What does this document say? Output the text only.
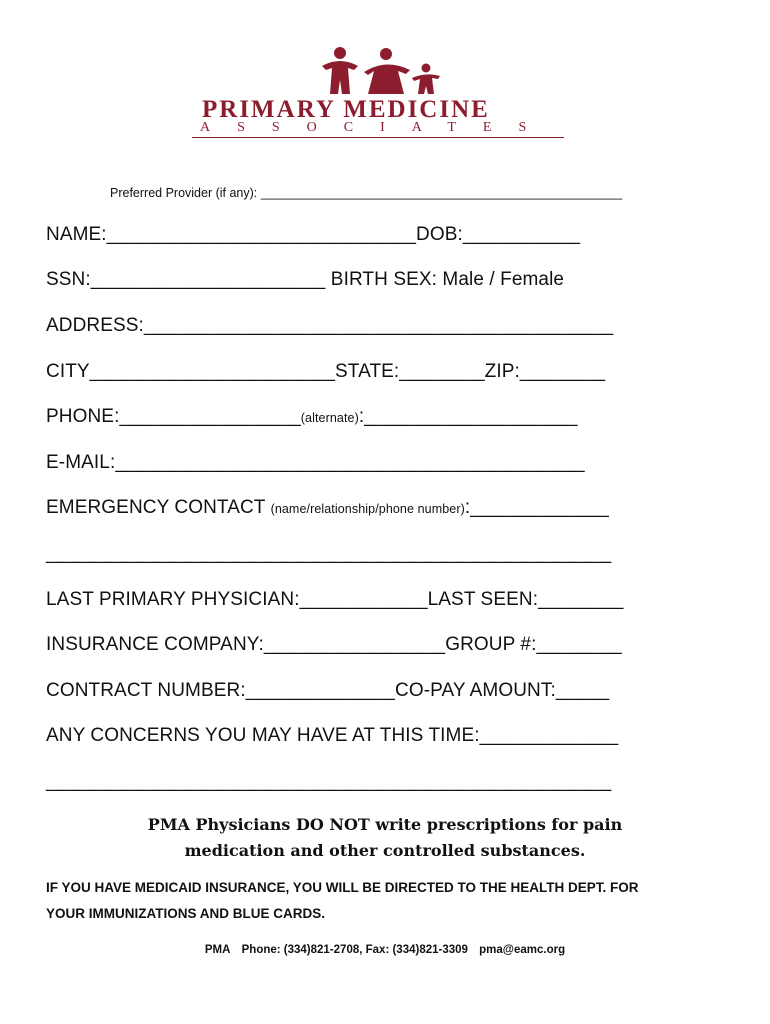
PRIMARY MEDICINE
ASSOCIATES
Preferred Provider (if any): ____________________________________________________
NAME:_____________________________DOB:___________
SSN:______________________ BIRTH SEX: Male / Female
ADDRESS:____________________________________________
CITY_______________________STATE:________ZIP:________
PHONE:_________________(alternate):____________________
E-MAIL:____________________________________________
EMERGENCY CONTACT (name/relationship/phone number):_____________
_____________________________________________________
LAST PRIMARY PHYSICIAN:____________LAST SEEN:________
INSURANCE COMPANY:_________________GROUP #:________
CONTRACT NUMBER:______________CO-PAY AMOUNT:_____
ANY CONCERNS YOU MAY HAVE AT THIS TIME:_____________
_____________________________________________________
PMA Physicians DO NOT write prescriptions for pain
medication and other controlled substances.
IF YOU HAVE MEDICAID INSURANCE, YOU WILL BE DIRECTED TO THE HEALTH DEPT. FOR
YOUR IMMUNIZATIONS AND BLUE CARDS.
PMA Phone: (334)821-2708, Fax: (334)821-3309 pma@eamc.org
